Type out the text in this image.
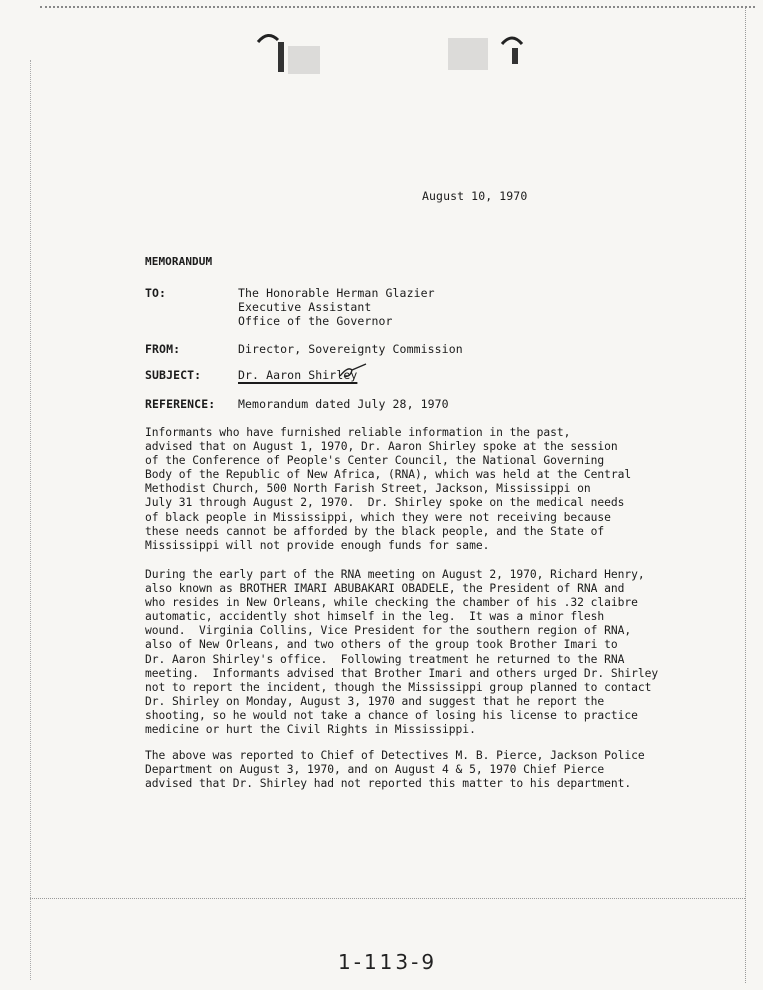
August 10, 1970
MEMORANDUM
TO:	The Honorable Herman Glazier
Executive Assistant
Office of the Governor
FROM:	Director, Sovereignty Commission
SUBJECT:	Dr. Aaron Shirley
REFERENCE: Memorandum dated July 28, 1970
Informants who have furnished reliable information in the past,
advised that on August 1, 1970, Dr. Aaron Shirley spoke at the session
of the Conference of People's Center Council, the National Governing
Body of the Republic of New Africa, (RNA), which was held at the Central
Methodist Church, 500 North Farish Street, Jackson, Mississippi on
July 31 through August 2, 1970.  Dr. Shirley spoke on the medical needs
of black people in Mississippi, which they were not receiving because
these needs cannot be afforded by the black people, and the State of
Mississippi will not provide enough funds for same.
During the early part of the RNA meeting on August 2, 1970, Richard Henry,
also known as BROTHER IMARI ABUBAKARI OBADELE, the President of RNA and
who resides in New Orleans, while checking the chamber of his .32 claibre
automatic, accidently shot himself in the leg.  It was a minor flesh
wound.  Virginia Collins, Vice President for the southern region of RNA,
also of New Orleans, and two others of the group took Brother Imari to
Dr. Aaron Shirley's office.  Following treatment he returned to the RNA
meeting.  Informants advised that Brother Imari and others urged Dr. Shirley
not to report the incident, though the Mississippi group planned to contact
Dr. Shirley on Monday, August 3, 1970 and suggest that he report the
shooting, so he would not take a chance of losing his license to practice
medicine or hurt the Civil Rights in Mississippi.
The above was reported to Chief of Detectives M. B. Pierce, Jackson Police
Department on August 3, 1970, and on August 4 & 5, 1970 Chief Pierce
advised that Dr. Shirley had not reported this matter to his department.
1-113-9
